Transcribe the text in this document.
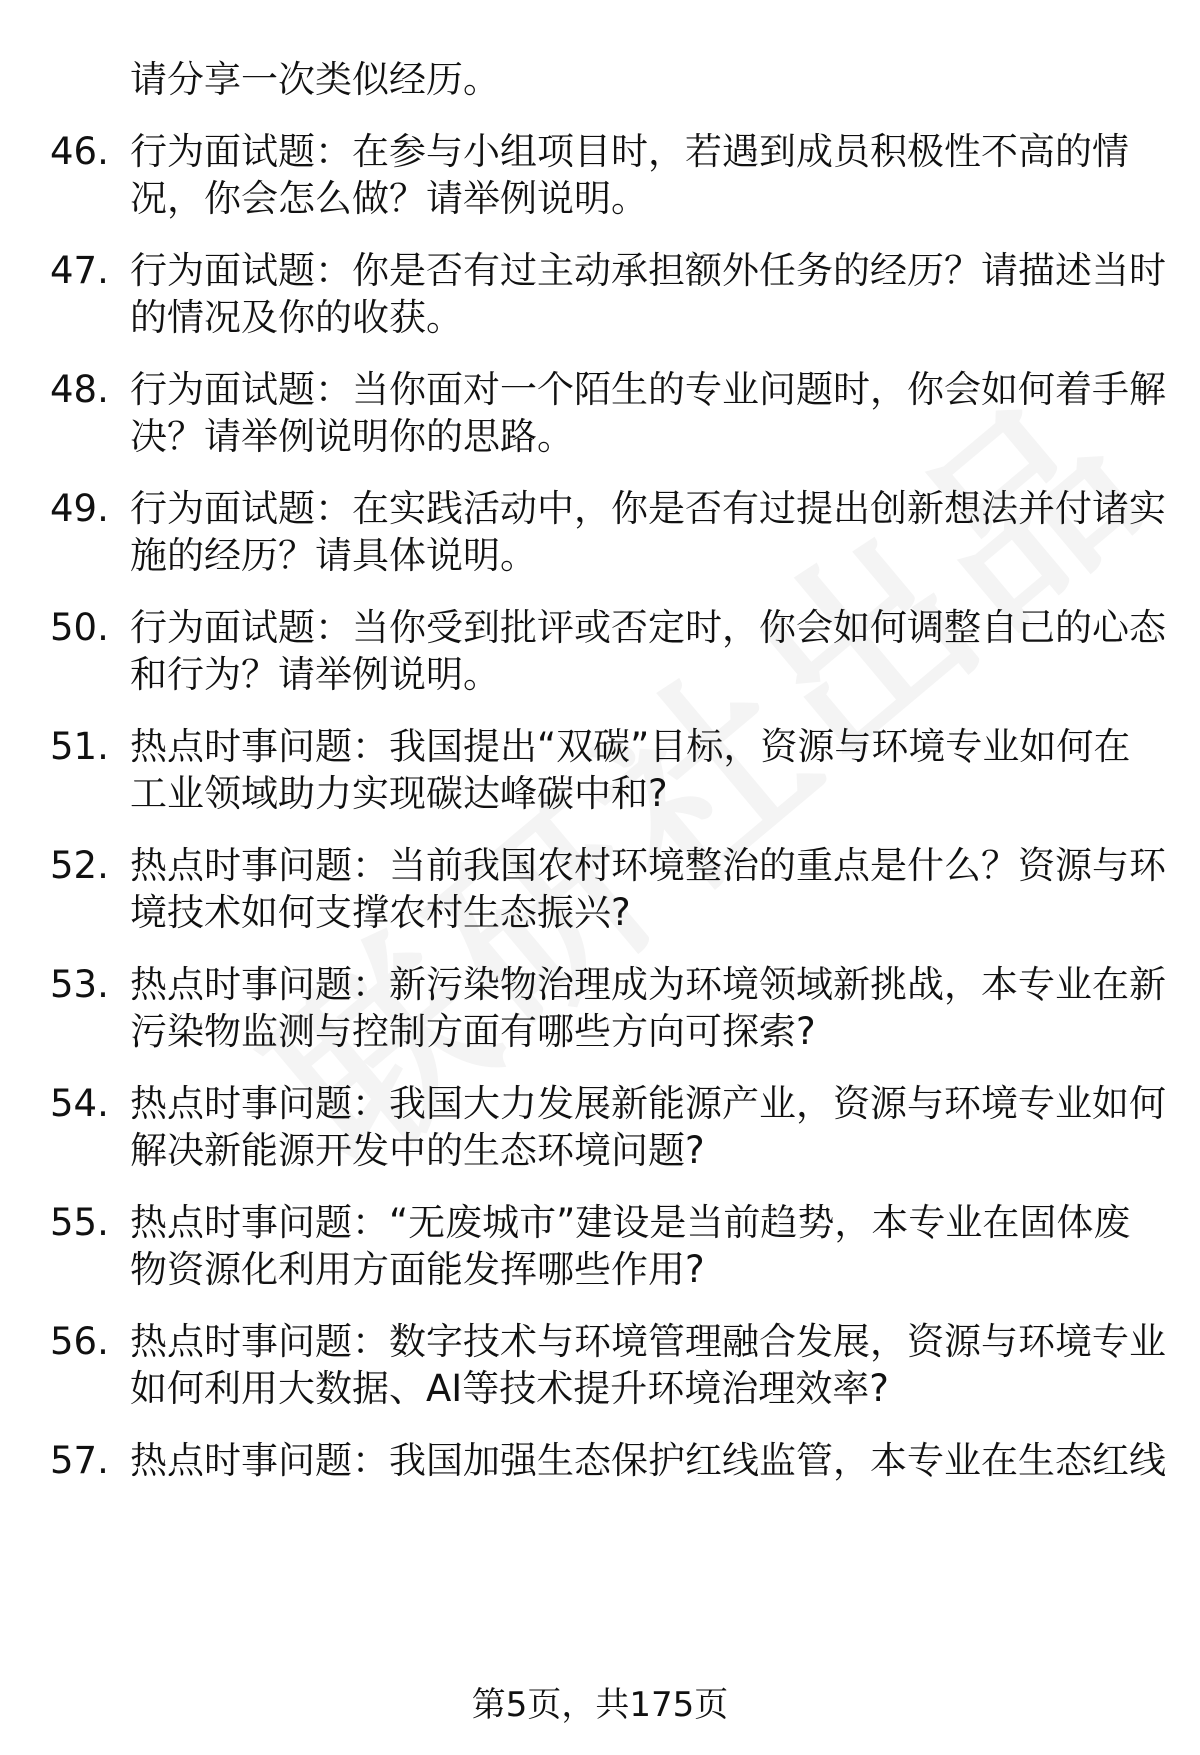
请分享一次类似经历。
46. 行为面试题：在参与小组项目时，若遇到成员积极性不高的情
况，你会怎么做？请举例说明。
47. 行为面试题：你是否有过主动承担额外任务的经历？请描述当时
的情况及你的收获。
48. 行为面试题：当你面对一个陌生的专业问题时，你会如何着手解
决？请举例说明你的思路。
49. 行为面试题：在实践活动中，你是否有过提出创新想法并付诸实
施的经历？请具体说明。
50. 行为面试题：当你受到批评或否定时，你会如何调整自己的心态
和行为？请举例说明。
51. 热点时事问题：我国提出“双碳”目标，资源与环境专业如何在
工业领域助力实现碳达峰碳中和?
52. 热点时事问题：当前我国农村环境整治的重点是什么？资源与环
境技术如何支撑农村生态振兴?
53. 热点时事问题：新污染物治理成为环境领域新挑战，本专业在新
污染物监测与控制方面有哪些方向可探索?
54. 热点时事问题：我国大力发展新能源产业，资源与环境专业如何
解决新能源开发中的生态环境问题?
55. 热点时事问题：“无废城市”建设是当前趋势，本专业在固体废
物资源化利用方面能发挥哪些作用?
56. 热点时事问题：数字技术与环境管理融合发展，资源与环境专业
如何利用大数据、AI等技术提升环境治理效率?
57. 热点时事问题：我国加强生态保护红线监管，本专业在生态红线
第5页，共175页
